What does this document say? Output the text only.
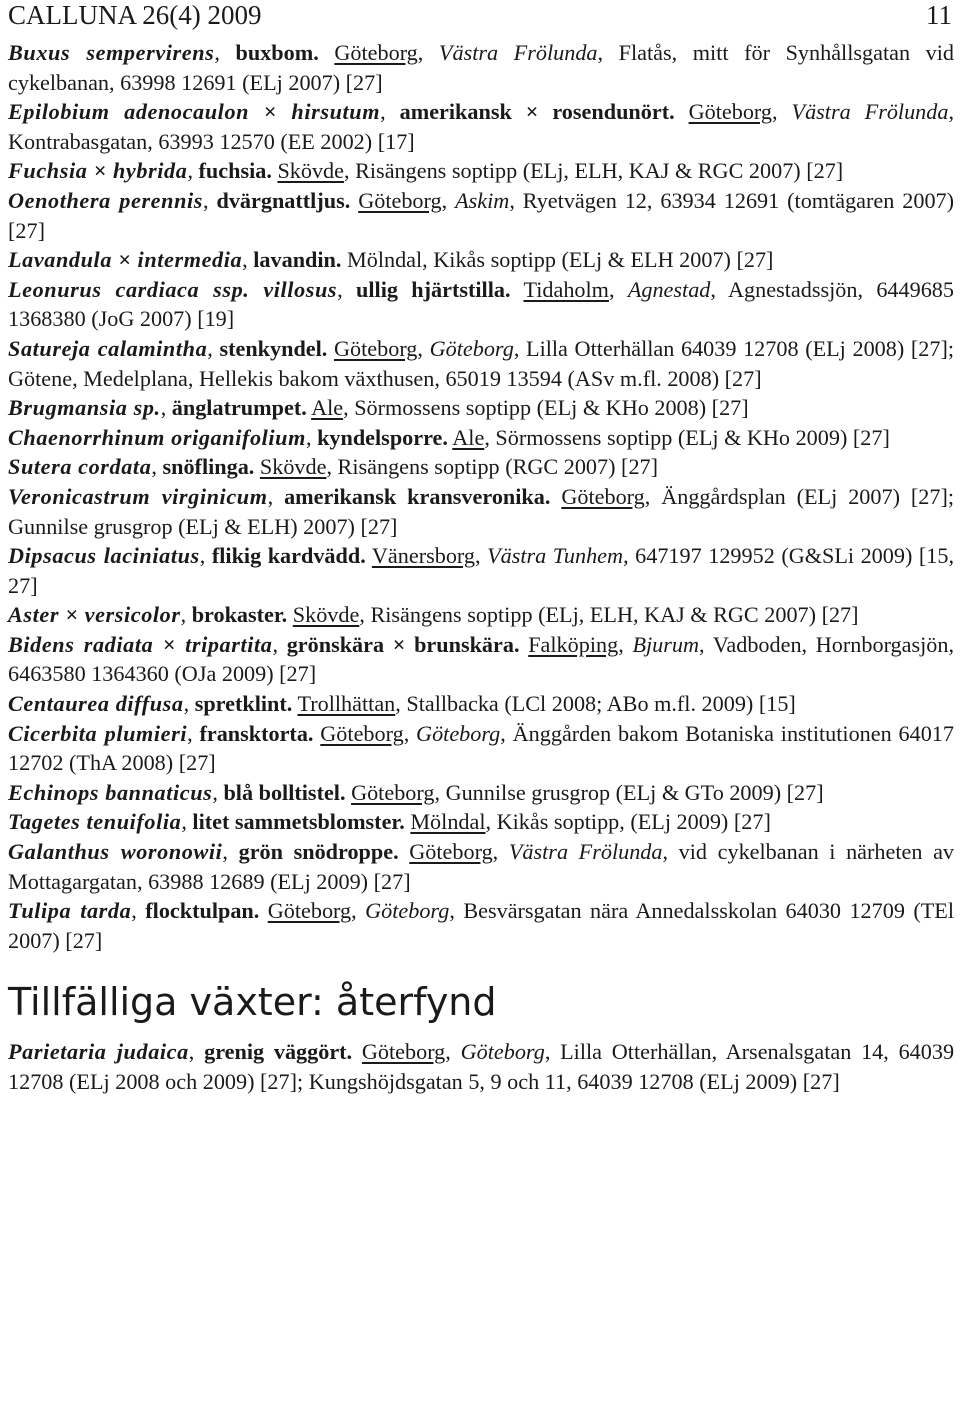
CALLUNA 26(4) 2009	11

Buxus sempervirens, buxbom. Göteborg, Västra Frölunda, Flatås, mitt för Synhållsgatan vid cykelbanan, 63998 12691 (ELj 2007) [27]

Epilobium adenocaulon × hirsutum, amerikansk × rosendunört. Göteborg, Västra Frölunda, Kontrabasgatan, 63993 12570 (EE 2002) [17]

Fuchsia × hybrida, fuchsia. Skövde, Risängens soptipp (ELj, ELH, KAJ & RGC 2007) [27]

Oenothera perennis, dvärgnattljus. Göteborg, Askim, Ryetvägen 12, 63934 12691 (tomtägaren 2007) [27]

Lavandula × intermedia, lavandin. Mölndal, Kikås soptipp (ELj & ELH 2007) [27]

Leonurus cardiaca ssp. villosus, ullig hjärtstilla. Tidaholm, Agnestad, Agnestadssjön, 6449685 1368380 (JoG 2007) [19]

Satureja calamintha, stenkyndel. Göteborg, Göteborg, Lilla Otterhällan 64039 12708 (ELj 2008) [27]; Götene, Medelplana, Hellekis bakom växthusen, 65019 13594 (ASv m.fl. 2008) [27]

Brugmansia sp., änglatrumpet. Ale, Sörmossens soptipp (ELj & KHo 2008) [27]

Chaenorrhinum origanifolium, kyndelsporre. Ale, Sörmossens soptipp (ELj & KHo 2009) [27]

Sutera cordata, snöflinga. Skövde, Risängens soptipp (RGC 2007) [27]

Veronicastrum virginicum, amerikansk kransveronika. Göteborg, Änggårdsplan (ELj 2007) [27]; Gunnilse grusgrop (ELj & ELH) 2007) [27]

Dipsacus laciniatus, flikig kardvädd. Vänersborg, Västra Tunhem, 647197 129952 (G&SLi 2009) [15, 27]

Aster × versicolor, brokaster. Skövde, Risängens soptipp (ELj, ELH, KAJ & RGC 2007) [27]

Bidens radiata × tripartita, grönskära × brunskära. Falköping, Bjurum, Vadboden, Hornborgasjön, 6463580 1364360 (OJa 2009) [27]

Centaurea diffusa, spretklint. Trollhättan, Stallbacka (LCl 2008; ABo m.fl. 2009) [15]

Cicerbita plumieri, fransktorta. Göteborg, Göteborg, Änggården bakom Botaniska institutionen 64017 12702 (ThA 2008) [27]

Echinops bannaticus, blå bolltistel. Göteborg, Gunnilse grusgrop (ELj & GTo 2009) [27]

Tagetes tenuifolia, litet sammetsblomster. Mölndal, Kikås soptipp, (ELj 2009) [27]

Galanthus woronowii, grön snödroppe. Göteborg, Västra Frölunda, vid cykelbanan i närheten av Mottagargatan, 63988 12689 (ELj 2009) [27]

Tulipa tarda, flocktulpan. Göteborg, Göteborg, Besvärsgatan nära Annedalsskolan 64030 12709 (TEl 2007) [27]

Tillfälliga växter: återfynd

Parietaria judaica, grenig väggört. Göteborg, Göteborg, Lilla Otterhällan, Arsenalsgatan 14, 64039 12708 (ELj 2008 och 2009) [27]; Kungshöjdsgatan 5, 9 och 11, 64039 12708 (ELj 2009) [27]
